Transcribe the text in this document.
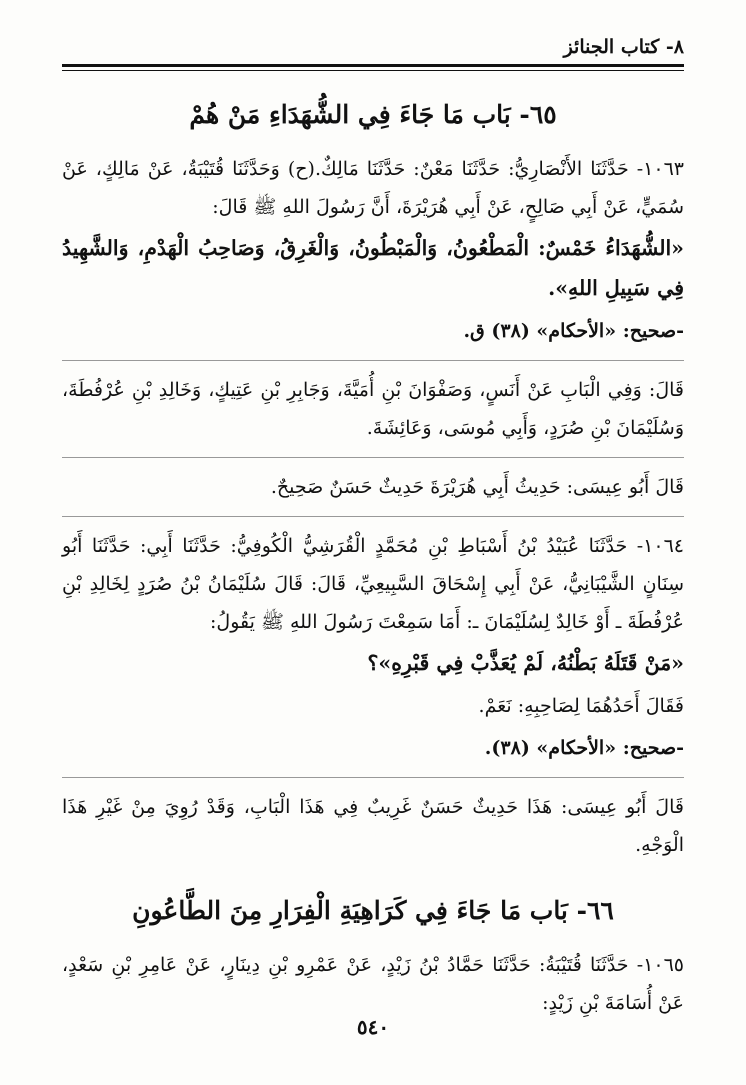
٨- كتاب الجنائز
٦٥- بَاب مَا جَاءَ فِي الشُّهَدَاءِ مَنْ هُمْ

١٠٦٣- حَدَّثَنَا الأَنْصَارِيُّ: حَدَّثَنَا مَعْنٌ: حَدَّثَنَا مَالِكٌ.(ح) وَحَدَّثَنَا قُتَيْبَةُ، عَنْ مَالِكٍ، عَنْ سُمَيٍّ، عَنْ أَبِي صَالِحٍ، عَنْ أَبِي هُرَيْرَةَ، أَنَّ رَسُولَ اللهِ ﷺ قَالَ:

«الشُّهَدَاءُ خَمْسٌ: الْمَطْعُونُ، وَالْمَبْطُونُ، وَالْغَرِقُ، وَصَاحِبُ الْهَدْمِ، وَالشَّهِيدُ فِي سَبِيلِ اللهِ».

-صحيح: «الأحكام» (٣٨) ق.

قَالَ: وَفِي الْبَابِ عَنْ أَنَسٍ، وَصَفْوَانَ بْنِ أُمَيَّةَ، وَجَابِرِ بْنِ عَتِيكٍ، وَخَالِدِ بْنِ عُرْفُطَةَ، وَسُلَيْمَانَ بْنِ صُرَدٍ، وَأَبِي مُوسَى، وَعَائِشَةَ.

قَالَ أَبُو عِيسَى: حَدِيثُ أَبِي هُرَيْرَةَ حَدِيثٌ حَسَنٌ صَحِيحٌ.

١٠٦٤- حَدَّثَنَا عُبَيْدُ بْنُ أَسْبَاطِ بْنِ مُحَمَّدٍ الْقُرَشِيُّ الْكُوفِيُّ: حَدَّثَنَا أَبِي: حَدَّثَنَا أَبُو سِنَانٍ الشَّيْبَانِيُّ، عَنْ أَبِي إِسْحَاقَ السَّبِيعِيِّ، قَالَ: قَالَ سُلَيْمَانُ بْنُ صُرَدٍ لِخَالِدِ بْنِ عُرْفُطَةَ ـ أَوْ خَالِدٌ لِسُلَيْمَانَ ـ: أَمَا سَمِعْتَ رَسُولَ اللهِ ﷺ يَقُولُ:

«مَنْ قَتَلَهُ بَطْنُهُ، لَمْ يُعَذَّبْ فِي قَبْرِهِ»؟

فَقَالَ أَحَدُهُمَا لِصَاحِبِهِ: نَعَمْ.

-صحيح: «الأحكام» (٣٨).

قَالَ أَبُو عِيسَى: هَذَا حَدِيثٌ حَسَنٌ غَرِيبٌ فِي هَذَا الْبَابِ، وَقَدْ رُوِيَ مِنْ غَيْرِ هَذَا الْوَجْهِ.

٦٦- بَاب مَا جَاءَ فِي كَرَاهِيَةِ الْفِرَارِ مِنَ الطَّاعُونِ

١٠٦٥- حَدَّثَنَا قُتَيْبَةُ: حَدَّثَنَا حَمَّادُ بْنُ زَيْدٍ، عَنْ عَمْرِو بْنِ دِينَارٍ، عَنْ عَامِرِ بْنِ سَعْدٍ، عَنْ أُسَامَةَ بْنِ زَيْدٍ:

٥٤٠
